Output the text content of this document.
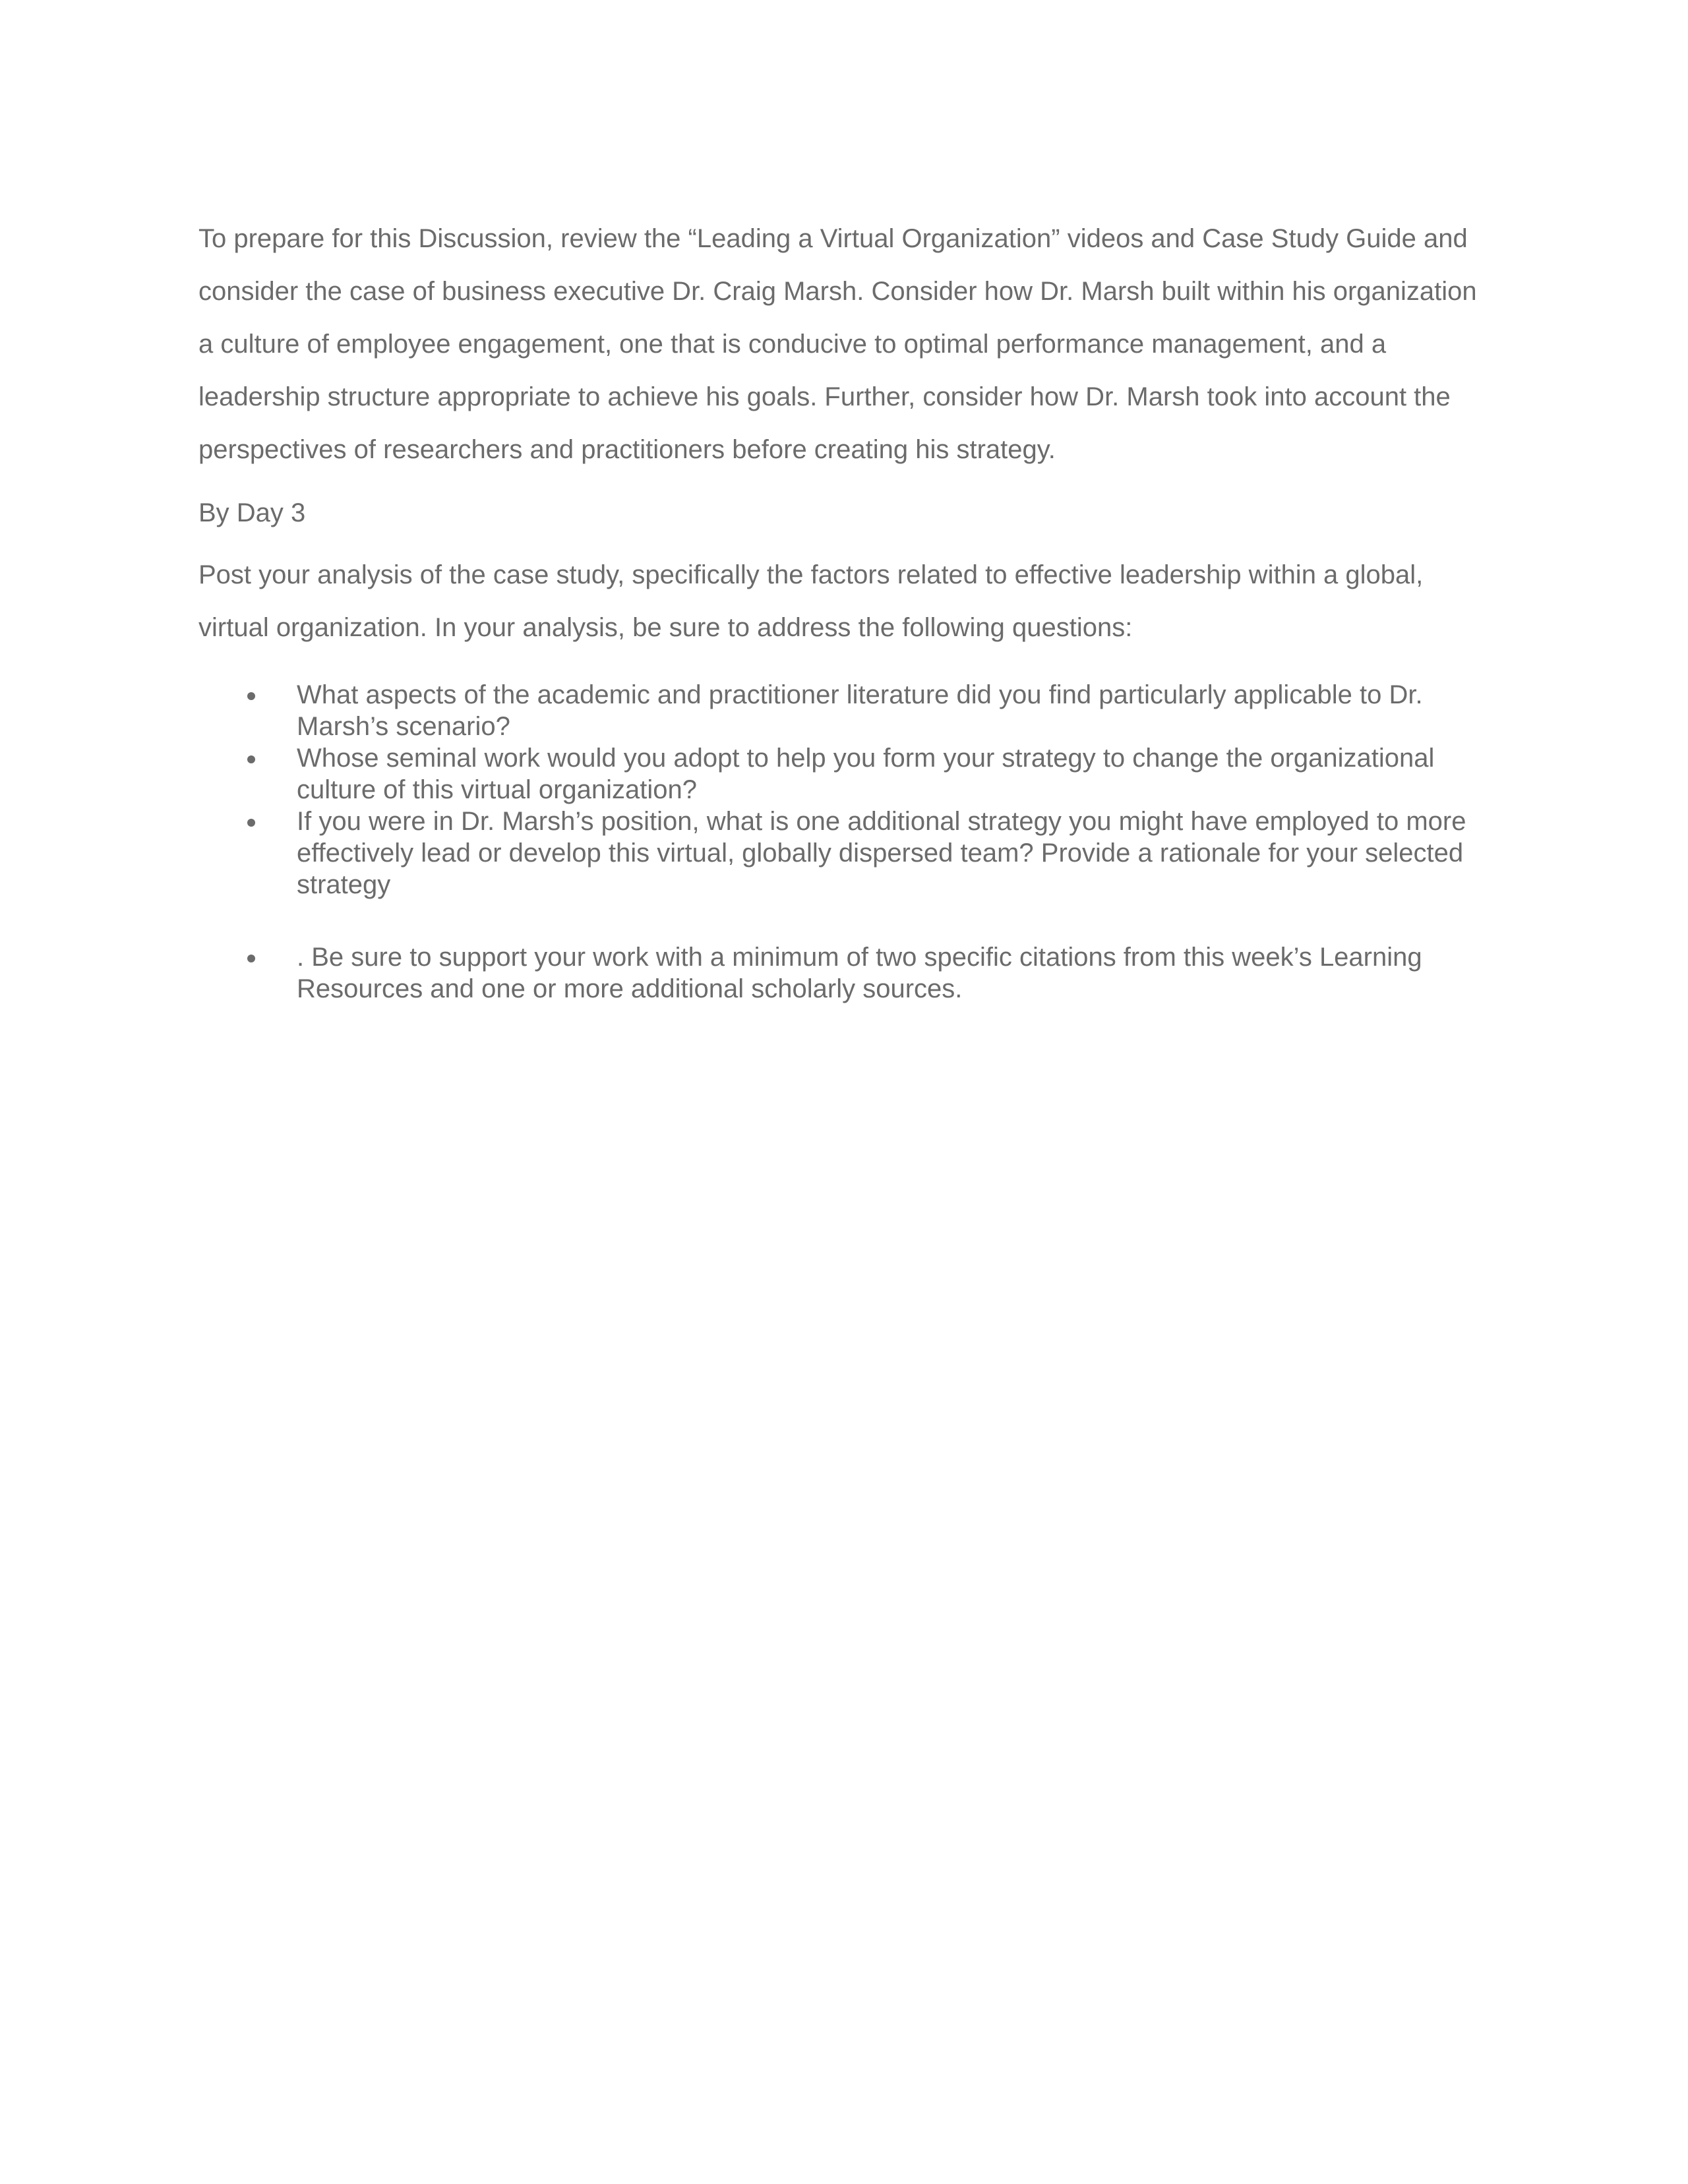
To prepare for this Discussion, review the “Leading a Virtual Organization” videos and Case Study Guide and consider the case of business executive Dr. Craig Marsh. Consider how Dr. Marsh built within his organization a culture of employee engagement, one that is conducive to optimal performance management, and a leadership structure appropriate to achieve his goals. Further, consider how Dr. Marsh took into account the perspectives of researchers and practitioners before creating his strategy.

By Day 3

Post your analysis of the case study, specifically the factors related to effective leadership within a global, virtual organization. In your analysis, be sure to address the following questions:

What aspects of the academic and practitioner literature did you find particularly applicable to Dr. Marsh’s scenario?
Whose seminal work would you adopt to help you form your strategy to change the organizational culture of this virtual organization?
If you were in Dr. Marsh’s position, what is one additional strategy you might have employed to more effectively lead or develop this virtual, globally dispersed team? Provide a rationale for your selected strategy
. Be sure to support your work with a minimum of two specific citations from this week’s Learning Resources and one or more additional scholarly sources.
